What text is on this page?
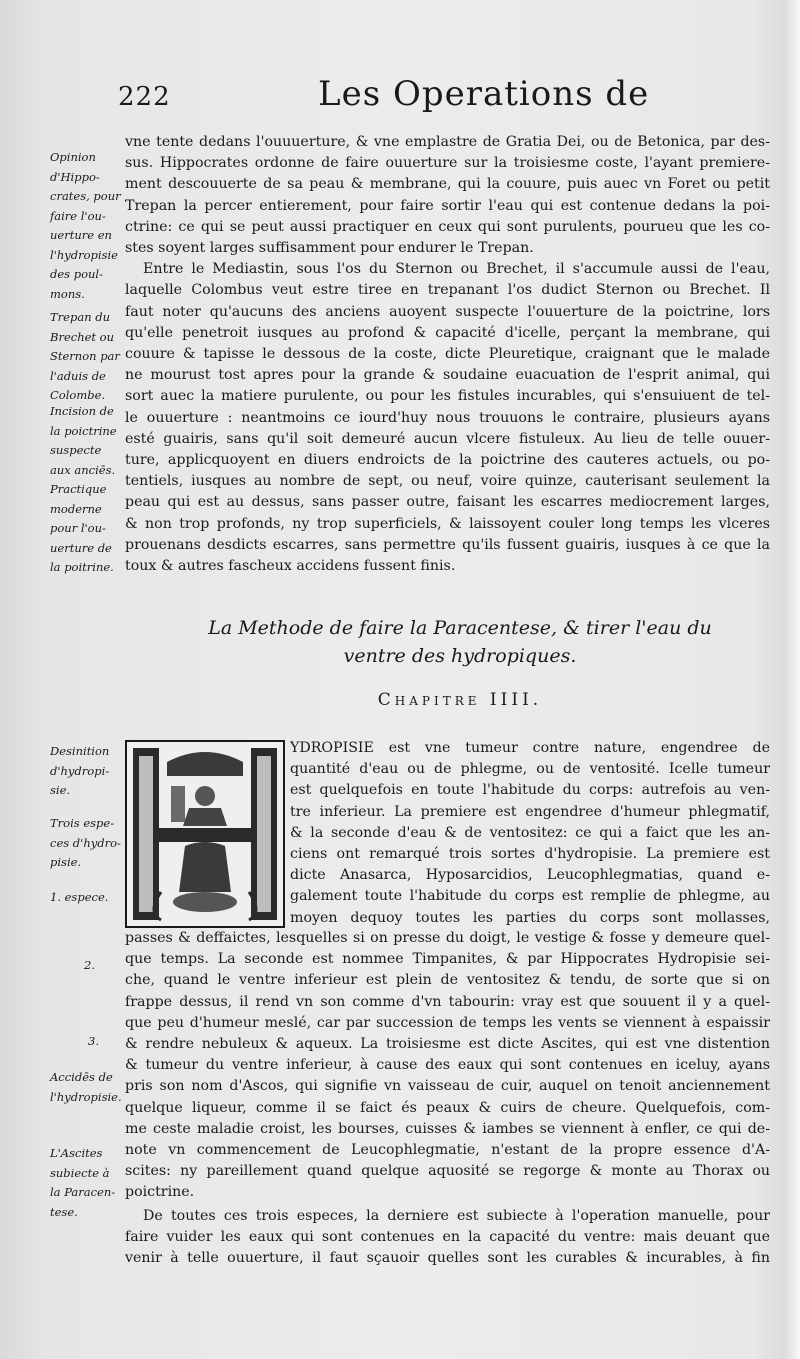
222	Les Operations de
Opinion
d'Hippo-
crates, pour
faire l'ou-
uerture en
l'hydropisie
des poul-
mons.
Trepan du
Brechet ou
Sternon par
l'aduis de
Colombe.
Incision de
la poictrine
suspecte
aux anciēs.
Practique
moderne
pour l'ou-
uerture de
la poitrine.
vne tente dedans l'ouuuerture, & vne emplastre de Gratia Dei, ou de Betonica, par des-
sus. Hippocrates ordonne de faire ouuerture sur la troisiesme coste, l'ayant premiere-
ment descouuerte de sa peau & membrane, qui la couure, puis auec vn Foret ou petit
Trepan la percer entierement, pour faire sortir l'eau qui est contenue dedans la poi-
ctrine: ce qui se peut aussi practiquer en ceux qui sont purulents, pourueu que les co-
stes soyent larges suffisamment pour endurer le Trepan.
Entre le Mediastin, sous l'os du Sternon ou Brechet, il s'accumule aussi de l'eau,
laquelle Colombus veut estre tiree en trepanant l'os dudict Sternon ou Brechet. Il
faut noter qu'aucuns des anciens auoyent suspecte l'ouuerture de la poictrine, lors
qu'elle penetroit iusques au profond & capacité d'icelle, perçant la membrane, qui
couure & tapisse le dessous de la coste, dicte Pleuretique, craignant que le malade
ne mourust tost apres pour la grande & soudaine euacuation de l'esprit animal, qui
sort auec la matiere purulente, ou pour les fistules incurables, qui s'ensuiuent de tel-
le ouuerture : neantmoins ce iourd'huy nous trouuons le contraire, plusieurs ayans
esté guairis, sans qu'il soit demeuré aucun vlcere fistuleux. Au lieu de telle ouuer-
ture, applicquoyent en diuers endroicts de la poictrine des cauteres actuels, ou po-
tentiels, iusques au nombre de sept, ou neuf, voire quinze, cauterisant seulement la
peau qui est au dessus, sans passer outre, faisant les escarres mediocrement larges,
& non trop profonds, ny trop superficiels, & laissoyent couler long temps les vlceres
prouenans desdicts escarres, sans permettre qu'ils fussent guairis, iusques à ce que la
toux & autres fascheux accidens fussent finis.
La Methode de faire la Paracentese, & tirer l'eau du
ventre des hydropiques.
Chapitre IIII.
Desinition
d'hydropi-
sie.
Trois espe-
ces d'hydro-
pisie.
1. espece.
2.
3.
Accidēs de
l'hydropisie.
L'Ascites
subiecte à
la Paracen-
tese.
YDROPISIE est vne tumeur contre nature, engendree de
quantité d'eau ou de phlegme, ou de ventosité. Icelle tumeur
est quelquefois en toute l'habitude du corps: autrefois au ven-
tre inferieur. La premiere est engendree d'humeur phlegmatif,
& la seconde d'eau & de ventositez: ce qui a faict que les an-
ciens ont remarqué trois sortes d'hydropisie. La premiere est
dicte Anasarca, Hyposarcidios, Leucophlegmatias, quand e-
galement toute l'habitude du corps est remplie de phlegme, au
moyen dequoy toutes les parties du corps sont mollasses,
passes & deffaictes, lesquelles si on presse du doigt, le vestige & fosse y demeure quel-
que temps. La seconde est nommee Timpanites, & par Hippocrates Hydropisie sei-
che, quand le ventre inferieur est plein de ventositez & tendu, de sorte que si on
frappe dessus, il rend vn son comme d'vn tabourin: vray est que souuent il y a quel-
que peu d'humeur meslé, car par succession de temps les vents se viennent à espaissir
& rendre nebuleux & aqueux. La troisiesme est dicte Ascites, qui est vne distention
& tumeur du ventre inferieur, à cause des eaux qui sont contenues en iceluy, ayans
pris son nom d'Ascos, qui signifie vn vaisseau de cuir, auquel on tenoit anciennement
quelque liqueur, comme il se faict és peaux & cuirs de cheure. Quelquefois, com-
me ceste maladie croist, les bourses, cuisses & iambes se viennent à enfler, ce qui de-
note vn commencement de Leucophlegmatie, n'estant de la propre essence d'A-
scites: ny pareillement quand quelque aquosité se regorge & monte au Thorax ou
poictrine.
De toutes ces trois especes, la derniere est subiecte à l'operation manuelle, pour
faire vuider les eaux qui sont contenues en la capacité du ventre: mais deuant que
venir à telle ouuerture, il faut sçauoir quelles sont les curables & incurables, à fin
